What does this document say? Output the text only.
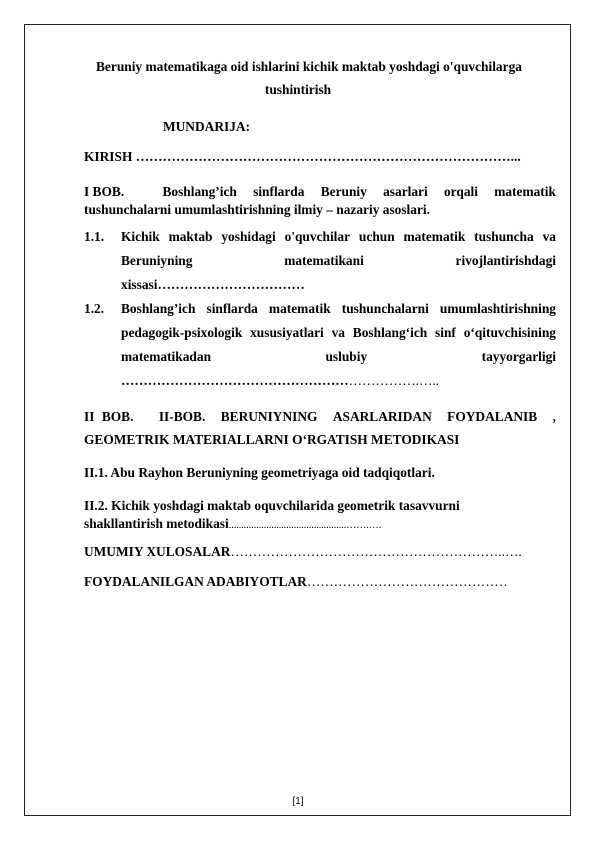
Beruniy matematikaga oid ishlarini kichik maktab yoshdagi o'quvchilarga
tushintirish
MUNDARIJA:
KIRISH …………………………………………………………………………...
I BOB.	Boshlang’ich sinflarda Beruniy asarlari orqali matematik
tushunchalarni umumlashtirishning ilmiy – nazariy asoslari.
1.1. Kichik maktab yoshidagi o'quvchilar uchun matematik tushuncha va
Beruniyning	matematikani	rivojlantirishdagi
xissasi……………………………
1.2. Boshlang’ich sinflarda matematik tushunchalarni umumlashtirishning
pedagogik-psixologik xususiyatlari va Boshlang‘ich sinf o‘qituvchisining
matematikadan	uslubiy	tayyorgarligi
………………………………………………………….…..
II BOB. II-BOB. BERUNIYNING ASARLARIDAN FOYDALANIB ,
GEOMETRIK MATERIALLARNI O‘RGATISH METODIKASI
II.1. Abu Rayhon Beruniyning geometriyaga oid tadqiqotlari.
II.2. Kichik yoshdagi maktab oquvchilarida geometrik tasavvurni
shakllantirish metodikasi...............................................…….….
UMUMIY XULOSALAR……………………………………………………..….
FOYDALANILGAN ADABIYOTLAR………………………………………
[1]
